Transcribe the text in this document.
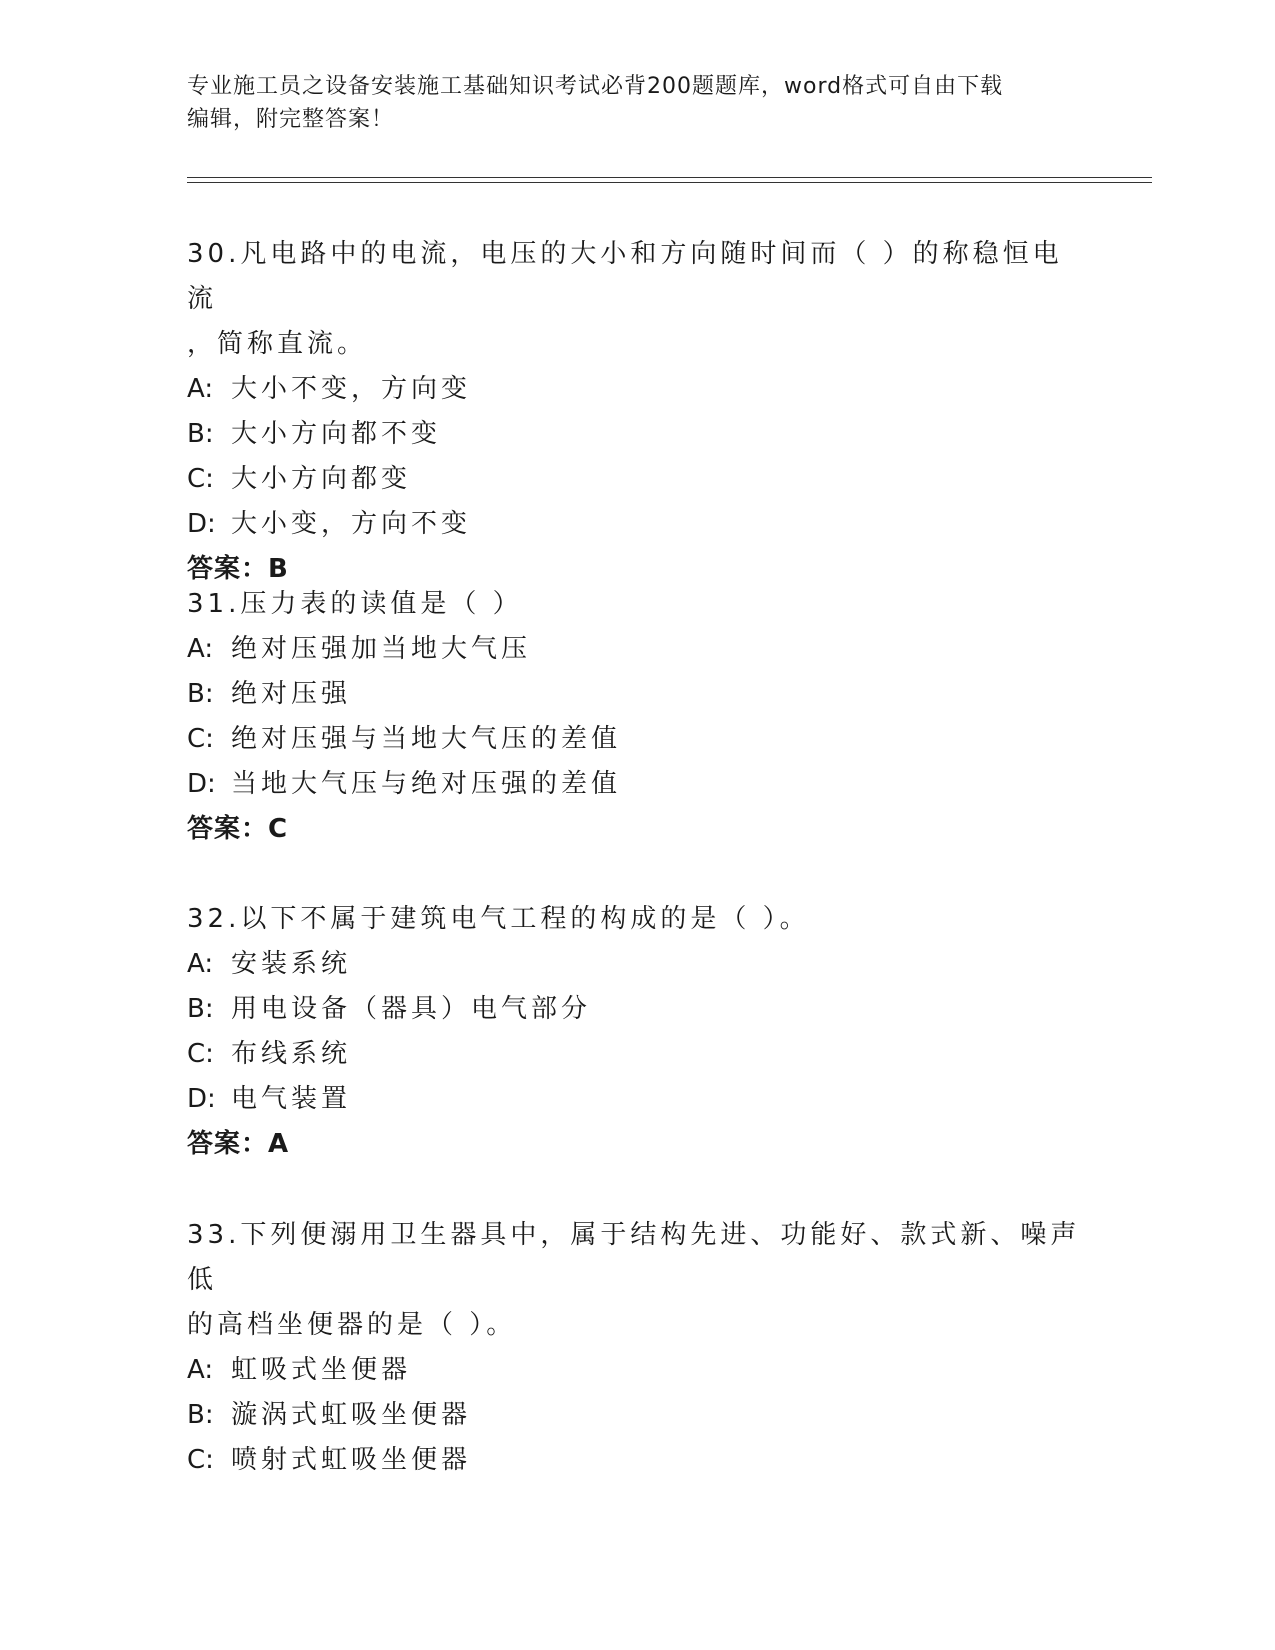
专业施工员之设备安装施工基础知识考试必背200题题库，word格式可自由下载
编辑，附完整答案！
30.凡电路中的电流，电压的大小和方向随时间而（ ）的称稳恒电流
，简称直流。
A: 大小不变，方向变
B: 大小方向都不变
C: 大小方向都变
D: 大小变，方向不变
答案：B
31.压力表的读值是（ ）
A: 绝对压强加当地大气压
B: 绝对压强
C: 绝对压强与当地大气压的差值
D: 当地大气压与绝对压强的差值
答案：C
32.以下不属于建筑电气工程的构成的是（ ）。
A: 安装系统
B: 用电设备（器具）电气部分
C: 布线系统
D: 电气装置
答案：A
33.下列便溺用卫生器具中，属于结构先进、功能好、款式新、噪声低
的高档坐便器的是（ ）。
A: 虹吸式坐便器
B: 漩涡式虹吸坐便器
C: 喷射式虹吸坐便器
